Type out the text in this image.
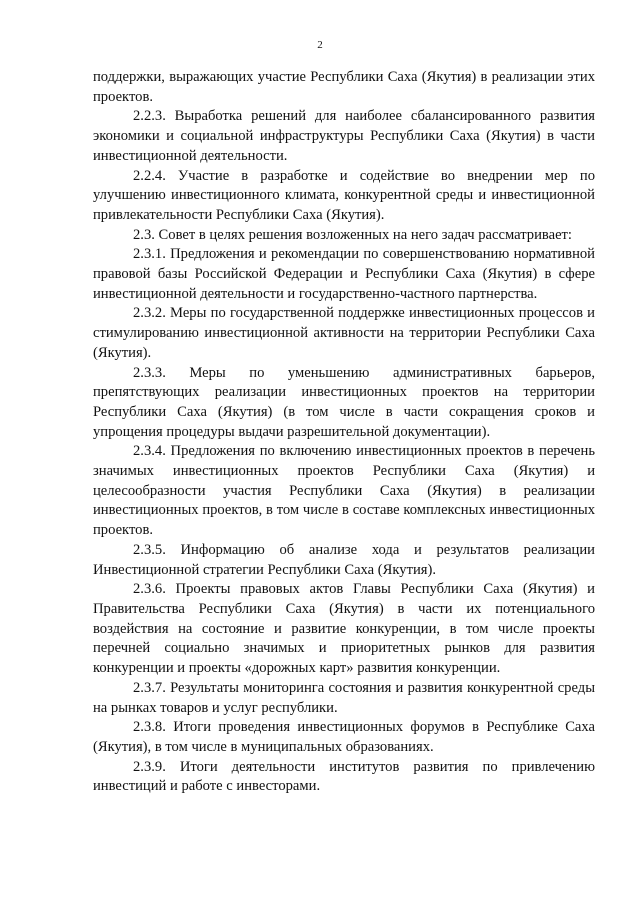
2

поддержки, выражающих участие Республики Саха (Якутия) в реализации этих проектов.

2.2.3. Выработка решений для наиболее сбалансированного развития экономики и социальной инфраструктуры Республики Саха (Якутия) в части инвестиционной деятельности.

2.2.4. Участие в разработке и содействие во внедрении мер по улучшению инвестиционного климата, конкурентной среды и инвестиционной привлекательности Республики Саха (Якутия).

2.3. Совет в целях решения возложенных на него задач рассматривает:

2.3.1. Предложения и рекомендации по совершенствованию нормативной правовой базы Российской Федерации и Республики Саха (Якутия) в сфере инвестиционной деятельности и государственно-частного партнерства.

2.3.2. Меры по государственной поддержке инвестиционных процессов и стимулированию инвестиционной активности на территории Республики Саха (Якутия).

2.3.3. Меры по уменьшению административных барьеров, препятствующих реализации инвестиционных проектов на территории Республики Саха (Якутия) (в том числе в части сокращения сроков и упрощения процедуры выдачи разрешительной документации).

2.3.4. Предложения по включению инвестиционных проектов в перечень значимых инвестиционных проектов Республики Саха (Якутия) и целесообразности участия Республики Саха (Якутия) в реализации инвестиционных проектов, в том числе в составе комплексных инвестиционных проектов.

2.3.5. Информацию об анализе хода и результатов реализации Инвестиционной стратегии Республики Саха (Якутия).

2.3.6. Проекты правовых актов Главы Республики Саха (Якутия) и Правительства Республики Саха (Якутия) в части их потенциального воздействия на состояние и развитие конкуренции, в том числе проекты перечней социально значимых и приоритетных рынков для развития конкуренции и проекты «дорожных карт» развития конкуренции.

2.3.7. Результаты мониторинга состояния и развития конкурентной среды на рынках товаров и услуг республики.

2.3.8. Итоги проведения инвестиционных форумов в Республике Саха (Якутия), в том числе в муниципальных образованиях.

2.3.9. Итоги деятельности институтов развития по привлечению инвестиций и работе с инвесторами.
